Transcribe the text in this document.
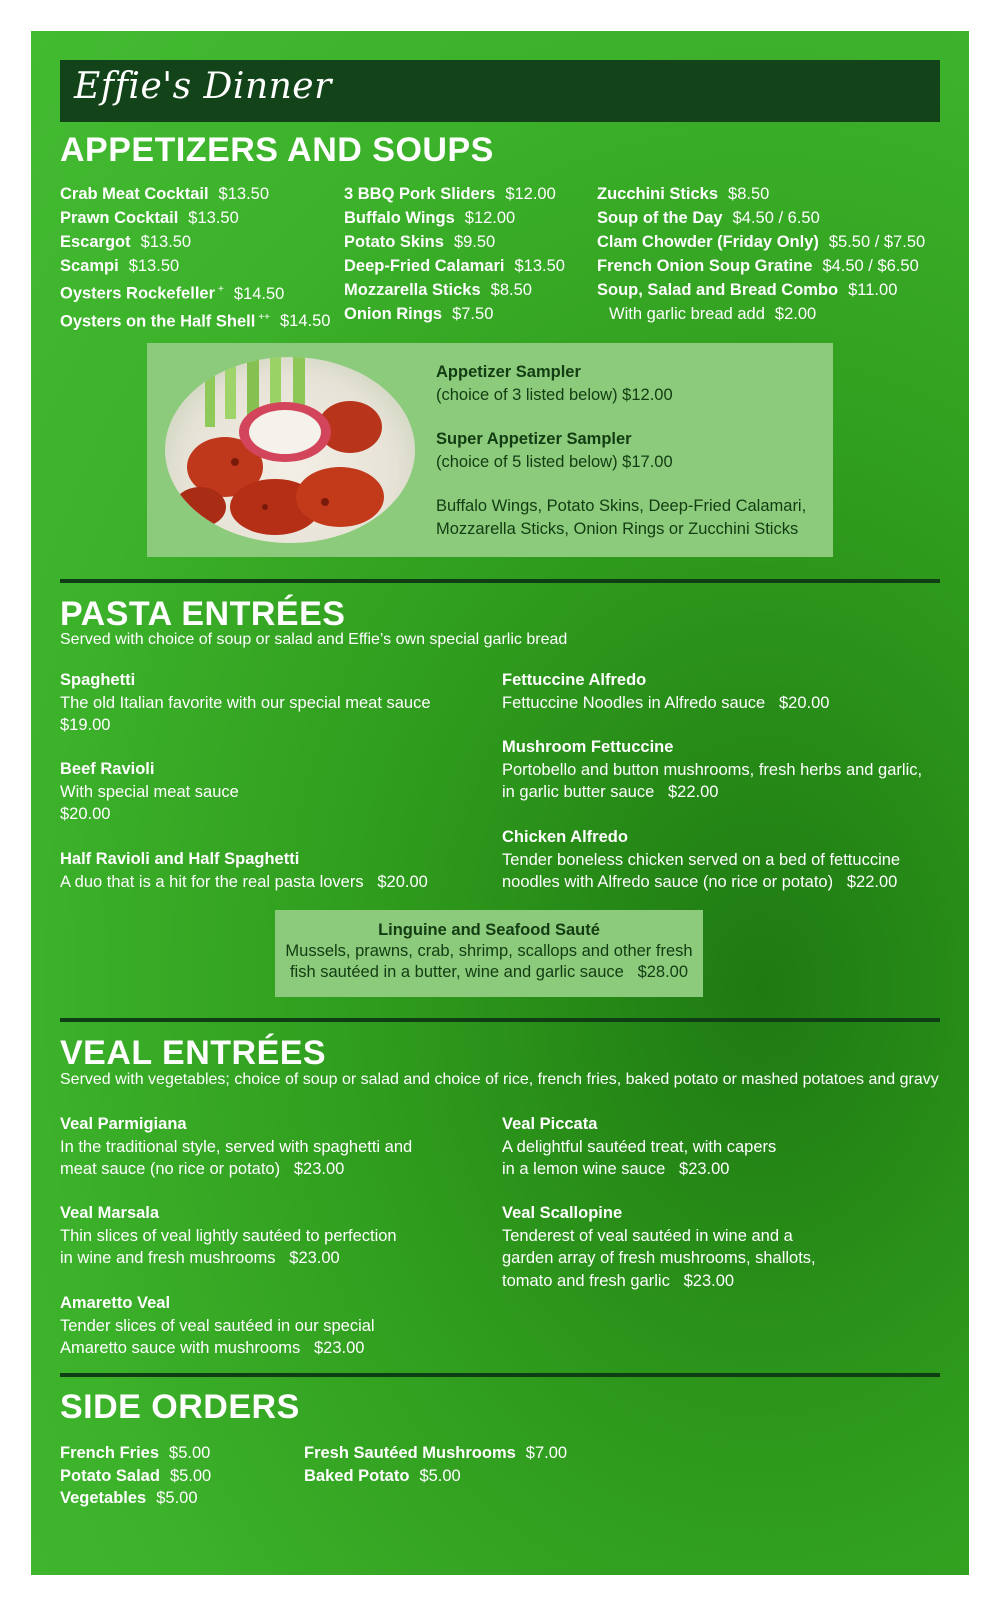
Effie's Dinner
APPETIZERS AND SOUPS
Crab Meat Cocktail $13.50
Prawn Cocktail $13.50
Escargot $13.50
Scampi $13.50
Oysters Rockefeller + $14.50
Oysters on the Half Shell ++ $14.50
3 BBQ Pork Sliders $12.00
Buffalo Wings $12.00
Potato Skins $9.50
Deep-Fried Calamari $13.50
Mozzarella Sticks $8.50
Onion Rings $7.50
Zucchini Sticks $8.50
Soup of the Day $4.50 / 6.50
Clam Chowder (Friday Only) $5.50 / $7.50
French Onion Soup Gratine $4.50 / $6.50
Soup, Salad and Bread Combo $11.00
With garlic bread add $2.00
Appetizer Sampler
(choice of 3 listed below) $12.00
Super Appetizer Sampler
(choice of 5 listed below) $17.00
Buffalo Wings, Potato Skins, Deep-Fried Calamari,
Mozzarella Sticks, Onion Rings or Zucchini Sticks
PASTA ENTRÉES
Served with choice of soup or salad and Effie’s own special garlic bread
Spaghetti
The old Italian favorite with our special meat sauce
$19.00
Beef Ravioli
With special meat sauce
$20.00
Half Ravioli and Half Spaghetti
A duo that is a hit for the real pasta lovers   $20.00
Fettuccine Alfredo
Fettuccine Noodles in Alfredo sauce   $20.00
Mushroom Fettuccine
Portobello and button mushrooms, fresh herbs and garlic,
in garlic butter sauce   $22.00
Chicken Alfredo
Tender boneless chicken served on a bed of fettuccine
noodles with Alfredo sauce (no rice or potato)   $22.00
Linguine and Seafood Sauté
Mussels, prawns, crab, shrimp, scallops and other fresh
fish sautéed in a butter, wine and garlic sauce   $28.00
VEAL ENTRÉES
Served with vegetables; choice of soup or salad and choice of rice, french fries, baked potato or mashed potatoes and gravy
Veal Parmigiana
In the traditional style, served with spaghetti and
meat sauce (no rice or potato)   $23.00
Veal Marsala
Thin slices of veal lightly sautéed to perfection
in wine and fresh mushrooms   $23.00
Amaretto Veal
Tender slices of veal sautéed in our special
Amaretto sauce with mushrooms   $23.00
Veal Piccata
A delightful sautéed treat, with capers
in a lemon wine sauce   $23.00
Veal Scallopine
Tenderest of veal sautéed in wine and a
garden array of fresh mushrooms, shallots,
tomato and fresh garlic   $23.00
SIDE ORDERS
French Fries $5.00
Potato Salad $5.00
Vegetables $5.00
Fresh Sautéed Mushrooms $7.00
Baked Potato $5.00
